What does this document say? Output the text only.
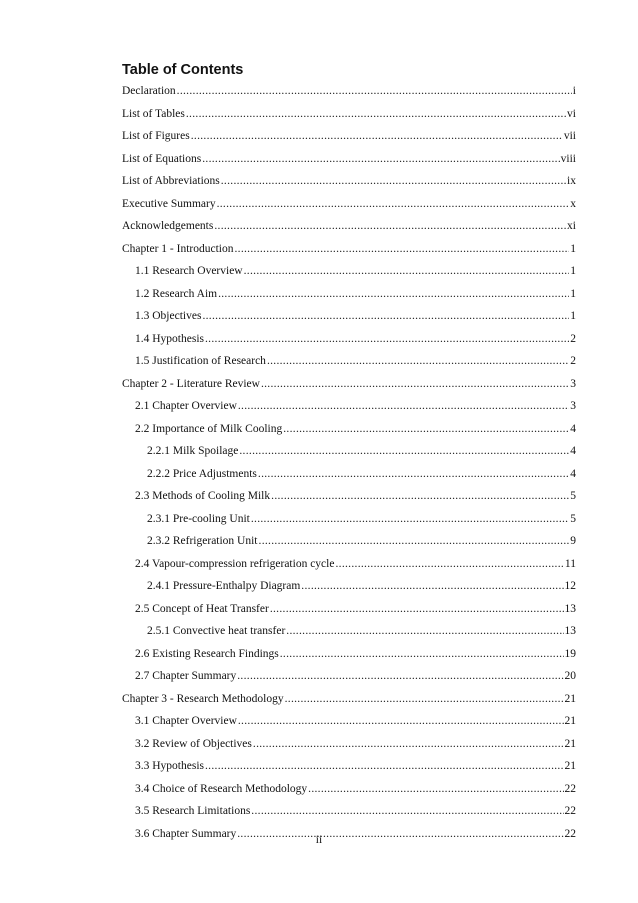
Table of Contents
Declaration .....	i
List of Tables .....	vi
List of Figures .....	vii
List of Equations .....	viii
List of Abbreviations .....	ix
Executive Summary .....	x
Acknowledgements .....	xi
Chapter 1 - Introduction .....	1
1.1 Research Overview .....	1
1.2 Research Aim .....	1
1.3 Objectives .....	1
1.4 Hypothesis .....	2
1.5 Justification of Research .....	2
Chapter 2 - Literature Review .....	3
2.1 Chapter Overview .....	3
2.2 Importance of Milk Cooling .....	4
2.2.1 Milk Spoilage .....	4
2.2.2 Price Adjustments .....	4
2.3 Methods of Cooling Milk .....	5
2.3.1 Pre-cooling Unit .....	5
2.3.2 Refrigeration Unit .....	9
2.4 Vapour-compression refrigeration cycle .....	11
2.4.1 Pressure-Enthalpy Diagram .....	12
2.5 Concept of Heat Transfer .....	13
2.5.1 Convective heat transfer .....	13
2.6 Existing Research Findings .....	19
2.7 Chapter Summary .....	20
Chapter 3 - Research Methodology .....	21
3.1 Chapter Overview .....	21
3.2 Review of Objectives .....	21
3.3 Hypothesis .....	21
3.4 Choice of Research Methodology .....	22
3.5 Research Limitations .....	22
3.6 Chapter Summary .....	22
ii
